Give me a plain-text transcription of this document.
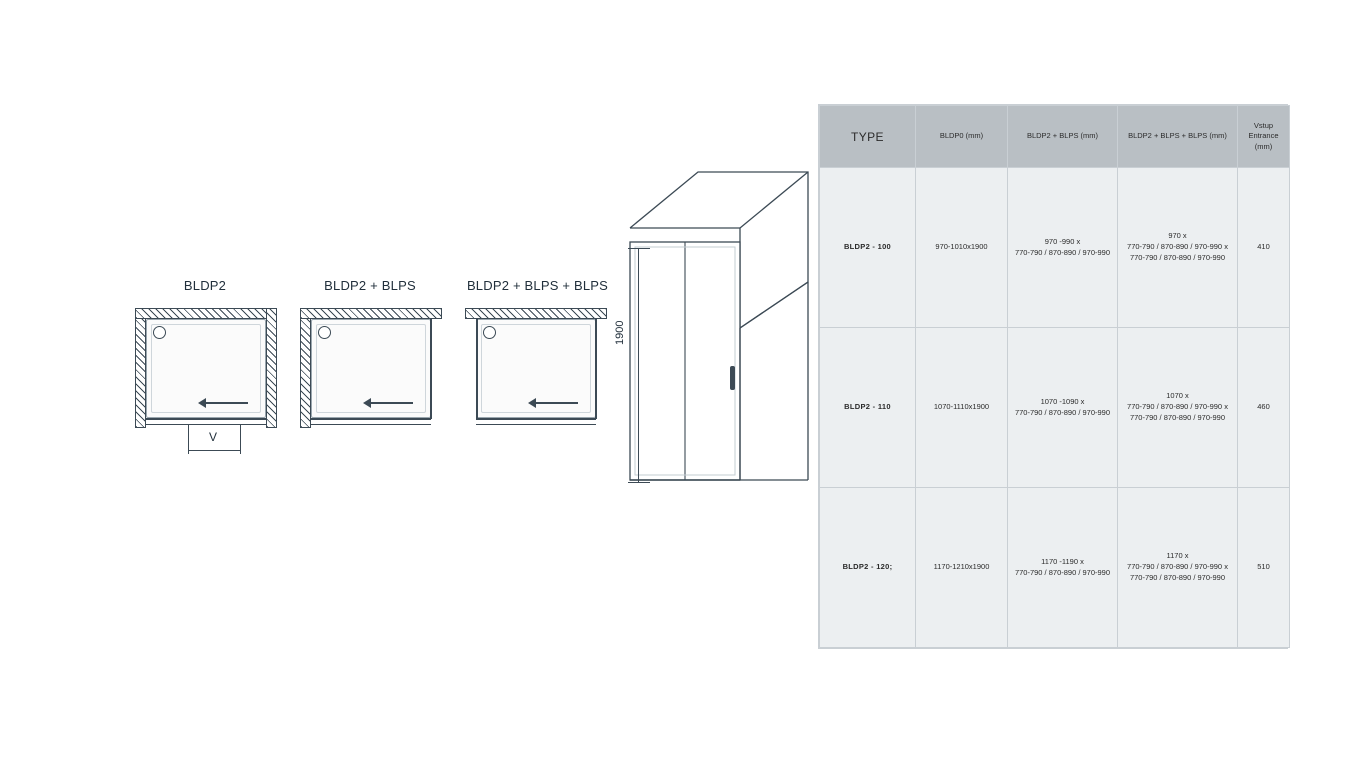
BLDP2
V
BLDP2 + BLPS	BLDP2 + BLPS + BLPS
1900
TYPE	BLDP0 (mm)	BLDP2 + BLPS (mm)	BLDP2 + BLPS + BLPS (mm)	Vstup
Entrance
(mm)
BLDP2 - 100	970-1010x1900	970 -990 x
770-790 / 870-890 / 970-990	970 x
770-790 / 870-890 / 970-990 x
770-790 / 870-890 / 970-990	410
BLDP2 - 110	1070-1110x1900	1070 -1090 x
770-790 / 870-890 / 970-990	1070 x
770-790 / 870-890 / 970-990 x
770-790 / 870-890 / 970-990	460
BLDP2 - 120;	1170-1210x1900	1170 -1190 x
770-790 / 870-890 / 970-990	1170 x
770-790 / 870-890 / 970-990 x
770-790 / 870-890 / 970-990	510
